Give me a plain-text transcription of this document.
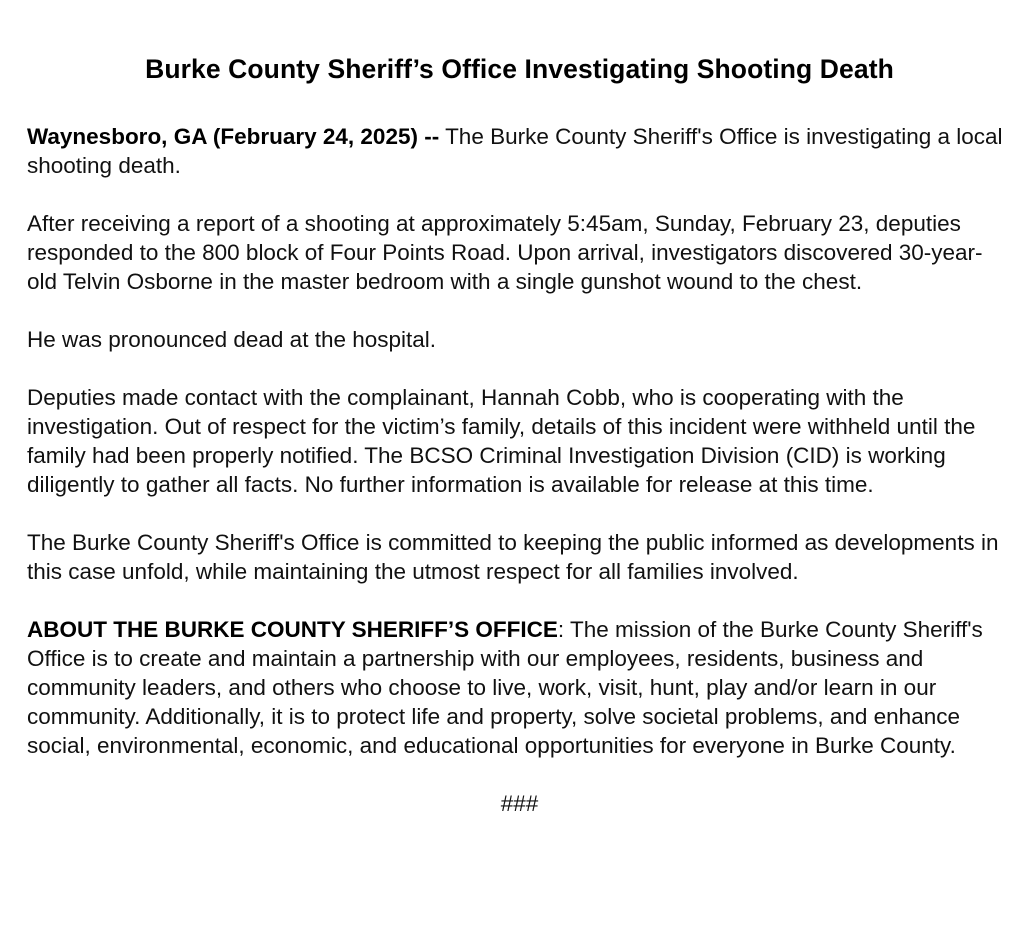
Burke County Sheriff’s Office Investigating Shooting Death

Waynesboro, GA (February 24, 2025) -- The Burke County Sheriff's Office is investigating a local shooting death.

After receiving a report of a shooting at approximately 5:45am, Sunday, February 23, deputies responded to the 800 block of Four Points Road. Upon arrival, investigators discovered 30-year-old Telvin Osborne in the master bedroom with a single gunshot wound to the chest.

He was pronounced dead at the hospital.

Deputies made contact with the complainant, Hannah Cobb, who is cooperating with the investigation. Out of respect for the victim’s family, details of this incident were withheld until the family had been properly notified. The BCSO Criminal Investigation Division (CID) is working diligently to gather all facts. No further information is available for release at this time.

The Burke County Sheriff's Office is committed to keeping the public informed as developments in this case unfold, while maintaining the utmost respect for all families involved.

ABOUT THE BURKE COUNTY SHERIFF’S OFFICE: The mission of the Burke County Sheriff's Office is to create and maintain a partnership with our employees, residents, business and community leaders, and others who choose to live, work, visit, hunt, play and/or learn in our community. Additionally, it is to protect life and property, solve societal problems, and enhance social, environmental, economic, and educational opportunities for everyone in Burke County.

###
